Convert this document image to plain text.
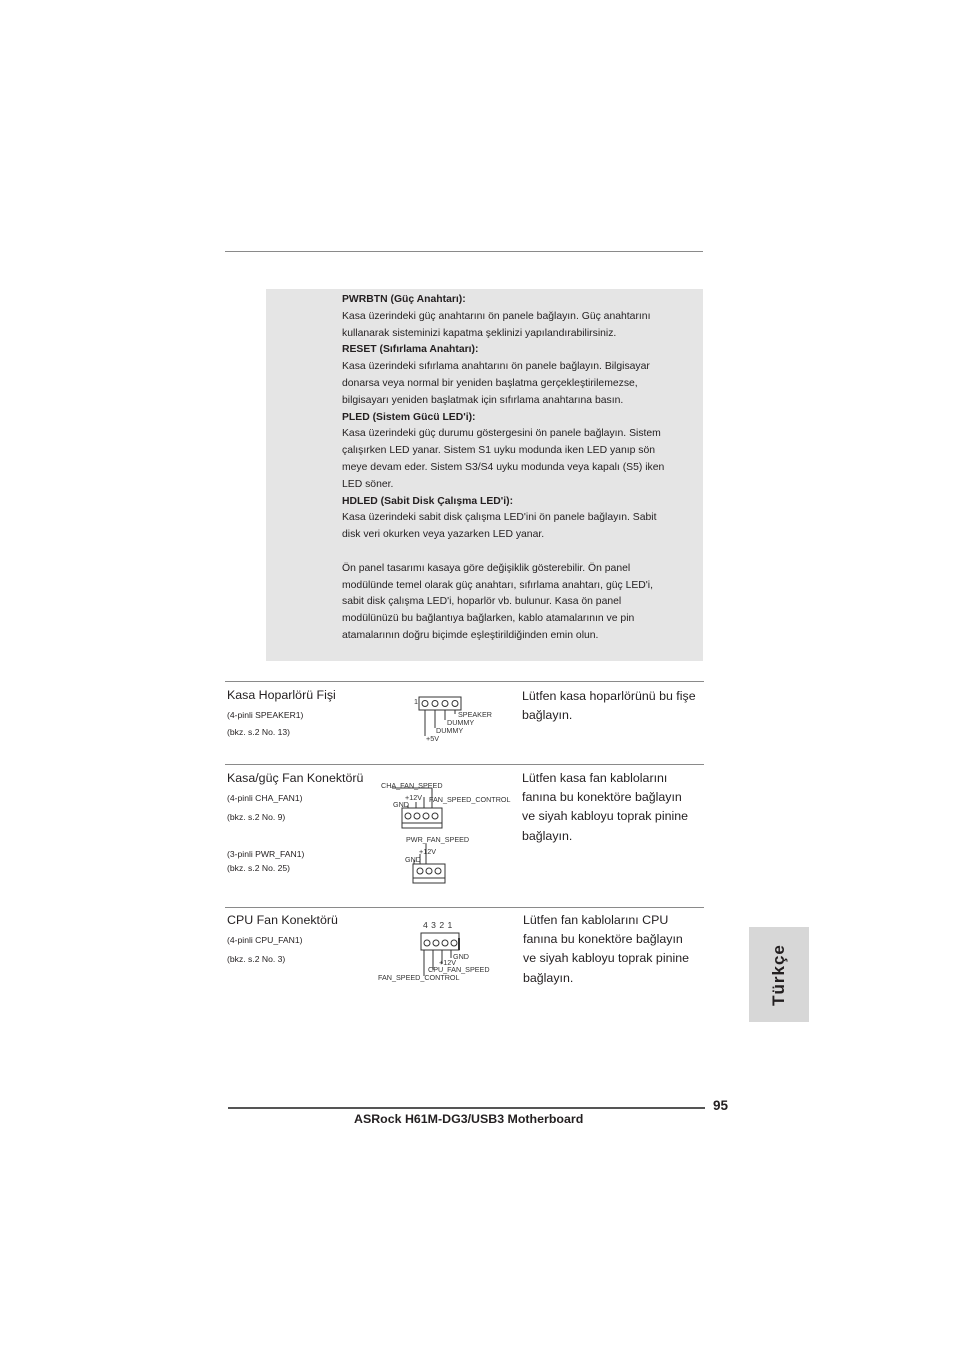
PWRBTN (Güç Anahtarı):

Kasa üzerindeki güç anahtarını ön panele bağlayın. Güç anahtarını

kullanarak sisteminizi kapatma şeklinizi yapılandırabilirsiniz.

RESET (Sıfırlama Anahtarı):

Kasa üzerindeki sıfırlama anahtarını ön panele bağlayın. Bilgisayar

donarsa veya normal bir yeniden başlatma gerçekleştirilemezse,

bilgisayarı yeniden başlatmak için sıfırlama anahtarına basın.

PLED (Sistem Gücü LED'i):

Kasa üzerindeki güç durumu göstergesini ön panele bağlayın. Sistem

çalışırken LED yanar. Sistem S1 uyku modunda iken LED yanıp sön

meye devam eder. Sistem S3/S4 uyku modunda veya kapalı (S5) iken

LED söner.

HDLED (Sabit Disk Çalışma LED'i):

Kasa üzerindeki sabit disk çalışma LED'ini ön panele bağlayın. Sabit

disk veri okurken veya yazarken LED yanar.

Ön panel tasarımı kasaya göre değişiklik gösterebilir. Ön panel

modülünde temel olarak güç anahtarı, sıfırlama anahtarı, güç LED'i,

sabit disk çalışma LED'i, hoparlör vb. bulunur. Kasa ön panel

modülünüzü bu bağlantıya bağlarken, kablo atamalarının ve pin

atamalarının doğru biçimde eşleştirildiğinden emin olun.

Kasa Hoparlörü Fişi
(4-pinli SPEAKER1)
(bkz. s.2 No. 13)
1
SPEAKER
DUMMY
DUMMY
+5V
Lütfen kasa hoparlörünü bu fişe
bağlayın.
Kasa/güç Fan Konektörü
(4-pinli CHA_FAN1)
(bkz. s.2 No. 9)
(3-pinli PWR_FAN1)
(bkz. s.2 No. 25)
CHA_FAN_SPEED
+12V FAN_SPEED_CONTROL
GND
PWR_FAN_SPEED
+12V
GND
Lütfen kasa fan kablolarını
fanına bu konektöre bağlayın
ve siyah kabloyu toprak pinine
bağlayın.
CPU Fan Konektörü
(4-pinli CPU_FAN1)
(bkz. s.2 No. 3)
4 3 2 1
GND
+12V
CPU_FAN_SPEED
FAN_SPEED_CONTROL
Lütfen fan kablolarını CPU
fanına bu konektöre bağlayın
ve siyah kabloyu toprak pinine
bağlayın.	Türkçe
95
ASRock H61M-DG3/USB3 Motherboard
